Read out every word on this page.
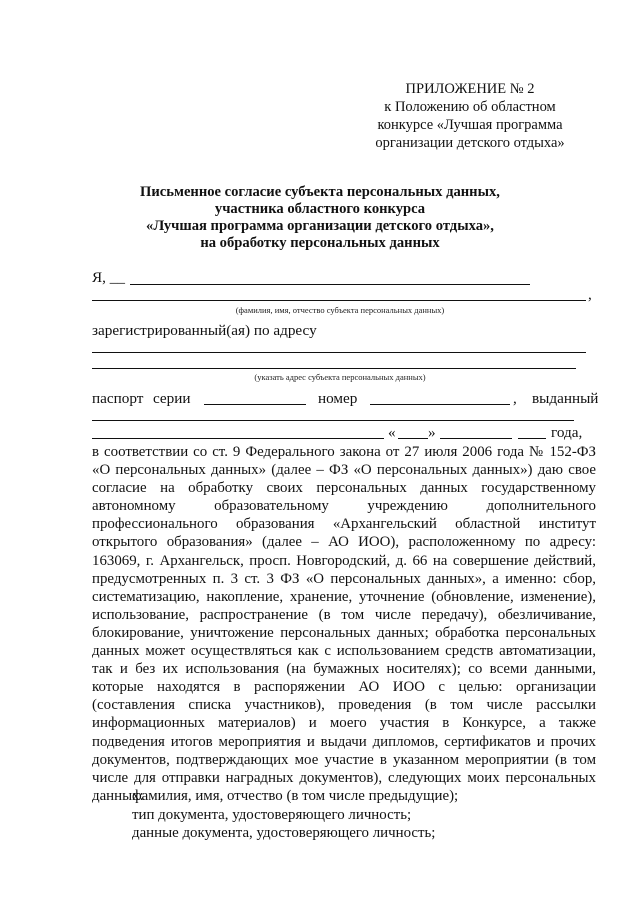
ПРИЛОЖЕНИЕ № 2
к Положению об областном
конкурсе «Лучшая программа
организации детского отдыха»
Письменное согласие субъекта персональных данных,
участника областного конкурса
«Лучшая программа организации детского отдыха»,
на обработку персональных данных
Я, __
,
(фамилия, имя, отчество субъекта персональных данных)
зарегистрированный(ая) по адресу
(указать адрес субъекта персональных данных)
паспорт серии	номер	, выданный
« »	года,

в соответствии со ст. 9 Федерального закона от 27 июля 2006 года № 152-ФЗ «О персональных данных» (далее – ФЗ «О персональных данных») даю свое согласие на обработку своих персональных данных государственному автономному образовательному учреждению дополнительного профессионального образования «Архангельский областной институт открытого образования» (далее – АО ИОО), расположенному по адресу: 163069, г. Архангельск, просп. Новгородский, д. 66 на совершение действий, предусмотренных п. 3 ст. 3 ФЗ «О персональных данных», а именно: сбор, систематизацию, накопление, хранение, уточнение (обновление, изменение), использование, распространение (в том числе передачу), обезличивание, блокирование, уничтожение персональных данных; обработка персональных данных может осуществляться как с использованием средств автоматизации, так и без их использования (на бумажных носителях); со всеми данными, которые находятся в распоряжении АО ИОО с целью: организации (составления списка участников), проведения (в том числе рассылки информационных материалов) и моего участия в Конкурсе, а также подведения итогов мероприятия и выдачи дипломов, сертификатов и прочих документов, подтверждающих мое участие в указанном мероприятии (в том числе для отправки наградных документов), следующих моих персональных данных:

фамилия, имя, отчество (в том числе предыдущие);
тип документа, удостоверяющего личность;
данные документа, удостоверяющего личность;
